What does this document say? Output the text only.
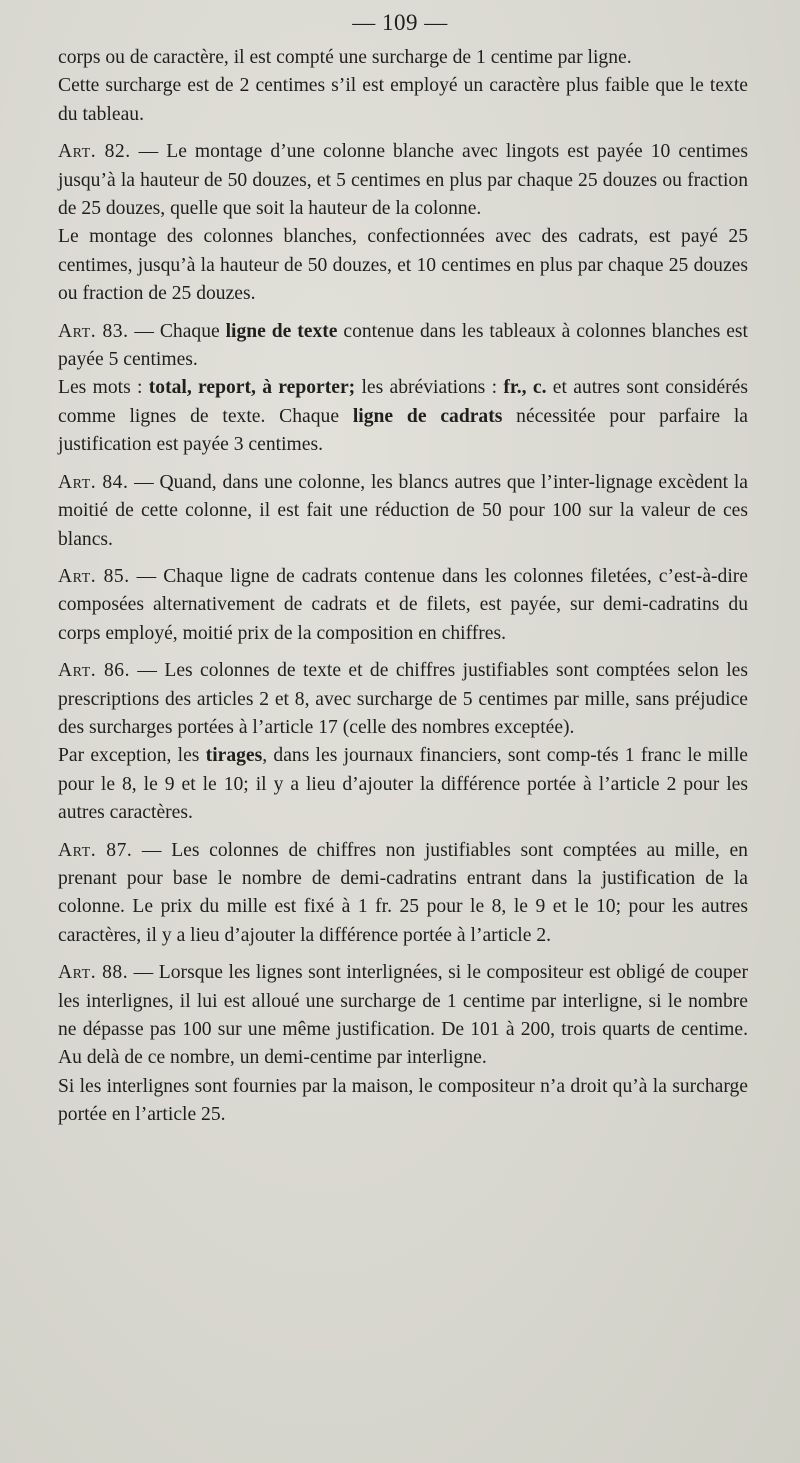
— 109 —

corps ou de caractère, il est compté une surcharge de 1 centime par ligne.

Cette surcharge est de 2 centimes s’il est employé un caractère plus faible que le texte du tableau.

Art. 82. — Le montage d’une colonne blanche avec lingots est payée 10 centimes jusqu’à la hauteur de 50 douzes, et 5 centimes en plus par chaque 25 douzes ou fraction de 25 douzes, quelle que soit la hauteur de la colonne.

Le montage des colonnes blanches, confectionnées avec des cadrats, est payé 25 centimes, jusqu’à la hauteur de 50 douzes, et 10 centimes en plus par chaque 25 douzes ou fraction de 25 douzes.

Art. 83. — Chaque ligne de texte contenue dans les tableaux à colonnes blanches est payée 5 centimes.

Les mots : total, report, à reporter; les abréviations : fr., c. et autres sont considérés comme lignes de texte. Chaque ligne de cadrats nécessitée pour parfaire la justification est payée 3 centimes.

Art. 84. — Quand, dans une colonne, les blancs autres que l’inter-lignage excèdent la moitié de cette colonne, il est fait une réduction de 50 pour 100 sur la valeur de ces blancs.

Art. 85. — Chaque ligne de cadrats contenue dans les colonnes filetées, c’est-à-dire composées alternativement de cadrats et de filets, est payée, sur demi-cadratins du corps employé, moitié prix de la composition en chiffres.

Art. 86. — Les colonnes de texte et de chiffres justifiables sont comptées selon les prescriptions des articles 2 et 8, avec surcharge de 5 centimes par mille, sans préjudice des surcharges portées à l’article 17 (celle des nombres exceptée).

Par exception, les tirages, dans les journaux financiers, sont comp-tés 1 franc le mille pour le 8, le 9 et le 10; il y a lieu d’ajouter la différence portée à l’article 2 pour les autres caractères.

Art. 87. — Les colonnes de chiffres non justifiables sont comptées au mille, en prenant pour base le nombre de demi-cadratins entrant dans la justification de la colonne. Le prix du mille est fixé à 1 fr. 25 pour le 8, le 9 et le 10; pour les autres caractères, il y a lieu d’ajouter la différence portée à l’article 2.

Art. 88. — Lorsque les lignes sont interlignées, si le compositeur est obligé de couper les interlignes, il lui est alloué une surcharge de 1 centime par interligne, si le nombre ne dépasse pas 100 sur une même justification. De 101 à 200, trois quarts de centime. Au delà de ce nombre, un demi-centime par interligne.

Si les interlignes sont fournies par la maison, le compositeur n’a droit qu’à la surcharge portée en l’article 25.
